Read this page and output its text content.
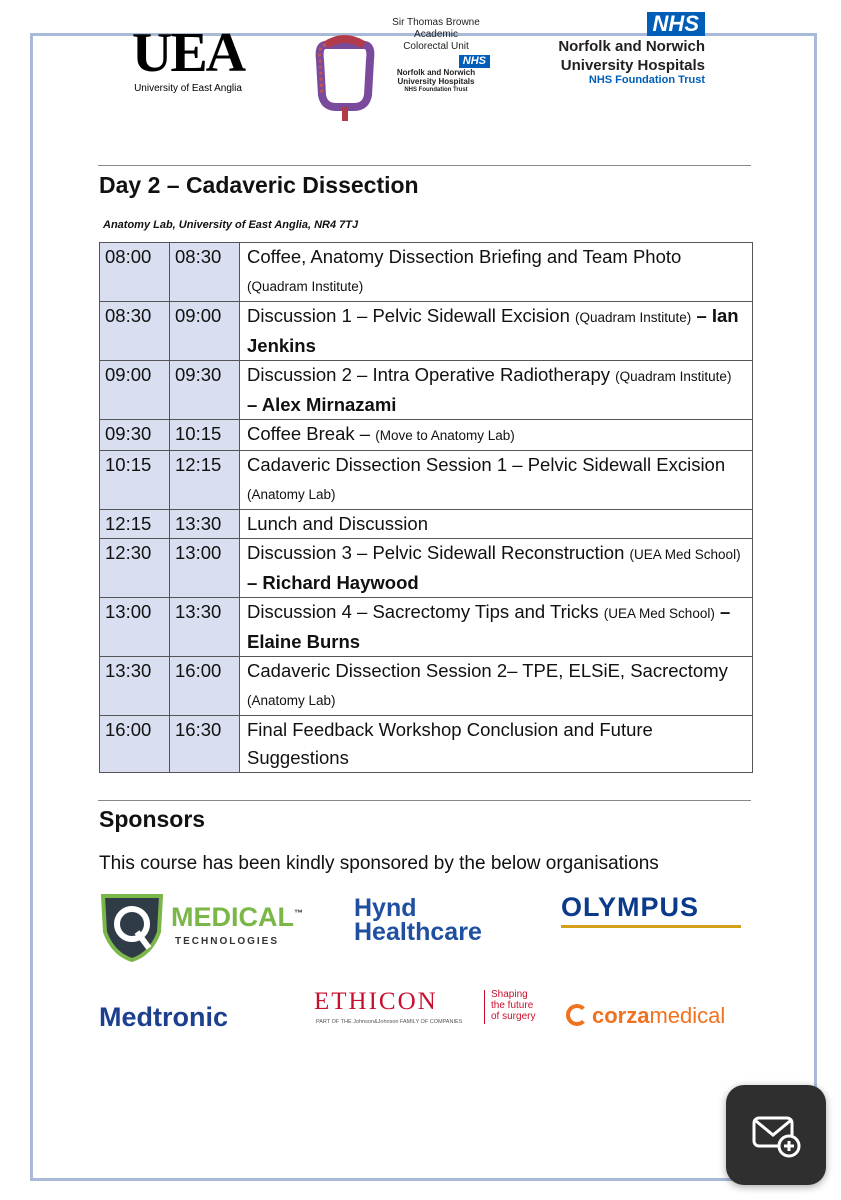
UEA
University of East Anglia
Sir Thomas Browne
Academic
Colorectal Unit
NHS
Norfolk and Norwich
University Hospitals
NHS Foundation Trust
NHS
Norfolk and Norwich
University Hospitals
NHS Foundation Trust
Day 2 – Cadaveric Dissection
Anatomy Lab, University of East Anglia, NR4 7TJ
08:00	08:30	Coffee, Anatomy Dissection Briefing and Team Photo (Quadram Institute)
08:30	09:00	Discussion 1 – Pelvic Sidewall Excision (Quadram Institute) – Ian Jenkins
09:00	09:30	Discussion 2 – Intra Operative Radiotherapy (Quadram Institute) – Alex Mirnazami
09:30	10:15	Coffee Break – (Move to Anatomy Lab)
10:15	12:15	Cadaveric Dissection Session 1 – Pelvic Sidewall Excision (Anatomy Lab)
12:15	13:30	Lunch and Discussion
12:30	13:00	Discussion 3 – Pelvic Sidewall Reconstruction (UEA Med School) – Richard Haywood
13:00	13:30	Discussion 4 – Sacrectomy Tips and Tricks (UEA Med School) – Elaine Burns
13:30	16:00	Cadaveric Dissection Session 2– TPE, ELSiE, Sacrectomy (Anatomy Lab)
16:00	16:30	Final Feedback Workshop Conclusion and Future Suggestions
Sponsors
This course has been kindly sponsored by the below organisations
MEDICAL™
TECHNOLOGIES
Hynd
Healthcare
OLYMPUS
Medtronic
ETHICON
PART OF THE Johnson&Johnson FAMILY OF COMPANIES
Shaping
the future
of surgery	corzamedical
